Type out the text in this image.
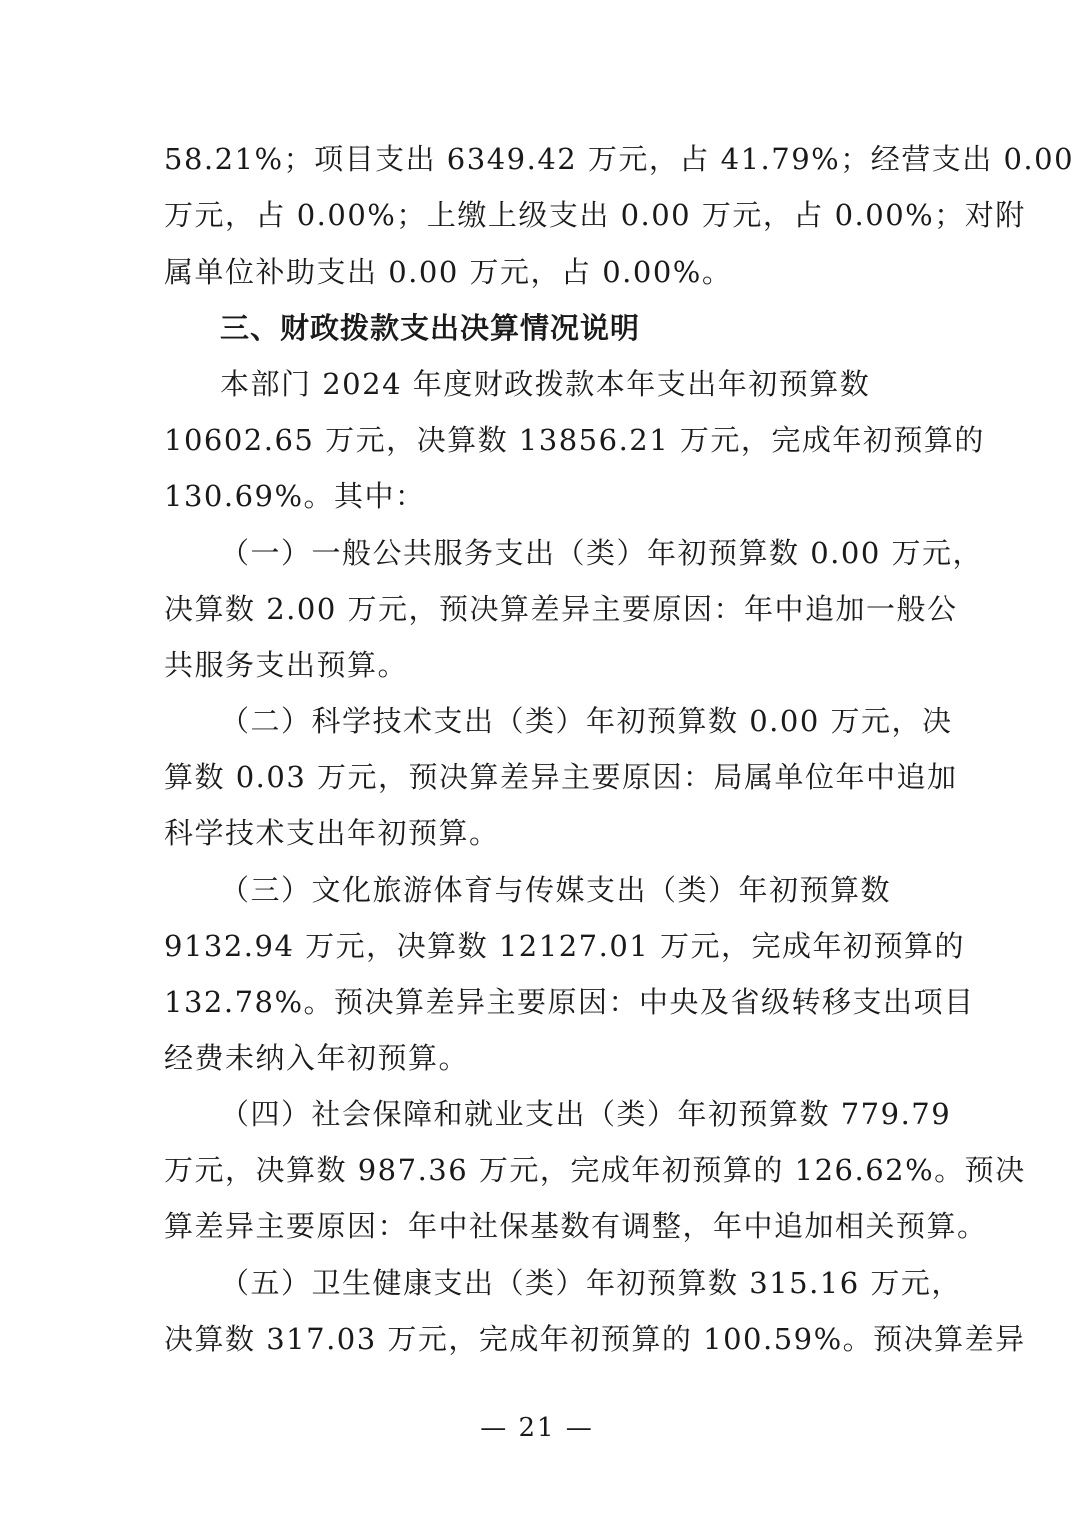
58.21%；项目支出 6349.42 万元，占 41.79%；经营支出 0.00
万元，占 0.00%；上缴上级支出 0.00 万元，占 0.00%；对附
属单位补助支出 0.00 万元，占 0.00%。
三、财政拨款支出决算情况说明
本部门 2024 年度财政拨款本年支出年初预算数
10602.65 万元，决算数 13856.21 万元，完成年初预算的
130.69%。其中：
（一）一般公共服务支出（类）年初预算数 0.00 万元，
决算数 2.00 万元，预决算差异主要原因：年中追加一般公
共服务支出预算。
（二）科学技术支出（类）年初预算数 0.00 万元，决
算数 0.03 万元，预决算差异主要原因：局属单位年中追加
科学技术支出年初预算。
（三）文化旅游体育与传媒支出（类）年初预算数
9132.94 万元，决算数 12127.01 万元，完成年初预算的
132.78%。预决算差异主要原因：中央及省级转移支出项目
经费未纳入年初预算。
（四）社会保障和就业支出（类）年初预算数 779.79
万元，决算数 987.36 万元，完成年初预算的 126.62%。预决
算差异主要原因：年中社保基数有调整，年中追加相关预算。
（五）卫生健康支出（类）年初预算数 315.16 万元，
决算数 317.03 万元，完成年初预算的 100.59%。预决算差异
— 21 —
